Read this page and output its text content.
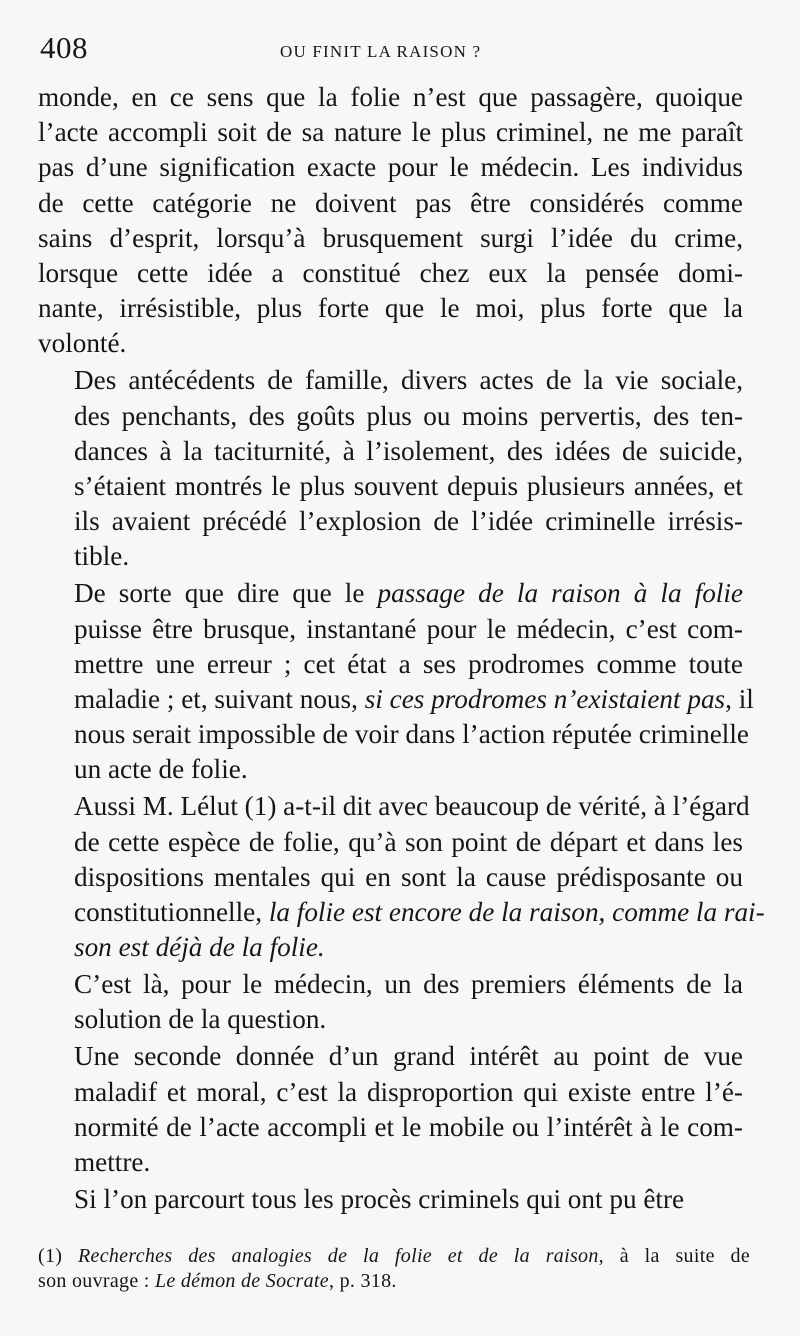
408	OU FINIT LA RAISON ?

monde, en ce sens que la folie n’est que passagère, quoique
l’acte accompli soit de sa nature le plus criminel, ne me paraît
pas d’une signification exacte pour le médecin. Les individus
de cette catégorie ne doivent pas être considérés comme
sains d’esprit, lorsqu’à brusquement surgi l’idée du crime,
lorsque cette idée a constitué chez eux la pensée domi-
nante, irrésistible, plus forte que le moi, plus forte que la
volonté.

Des antécédents de famille, divers actes de la vie sociale,
des penchants, des goûts plus ou moins pervertis, des ten-
dances à la taciturnité, à l’isolement, des idées de suicide,
s’étaient montrés le plus souvent depuis plusieurs années, et
ils avaient précédé l’explosion de l’idée criminelle irrésis-
tible.

De sorte que dire que le passage de la raison à la folie
puisse être brusque, instantané pour le médecin, c’est com-
mettre une erreur ; cet état a ses prodromes comme toute
maladie ; et, suivant nous, si ces prodromes n’existaient pas, il
nous serait impossible de voir dans l’action réputée criminelle
un acte de folie.

Aussi M. Lélut (1) a-t-il dit avec beaucoup de vérité, à l’égard
de cette espèce de folie, qu’à son point de départ et dans les
dispositions mentales qui en sont la cause prédisposante ou
constitutionnelle, la folie est encore de la raison, comme la rai-
son est déjà de la folie.

C’est là, pour le médecin, un des premiers éléments de la
solution de la question.

Une seconde donnée d’un grand intérêt au point de vue
maladif et moral, c’est la disproportion qui existe entre l’é-
normité de l’acte accompli et le mobile ou l’intérêt à le com-
mettre.

Si l’on parcourt tous les procès criminels qui ont pu être

(1) Recherches des analogies de la folie et de la raison, à la suite de
son ouvrage : Le démon de Socrate, p. 318.
